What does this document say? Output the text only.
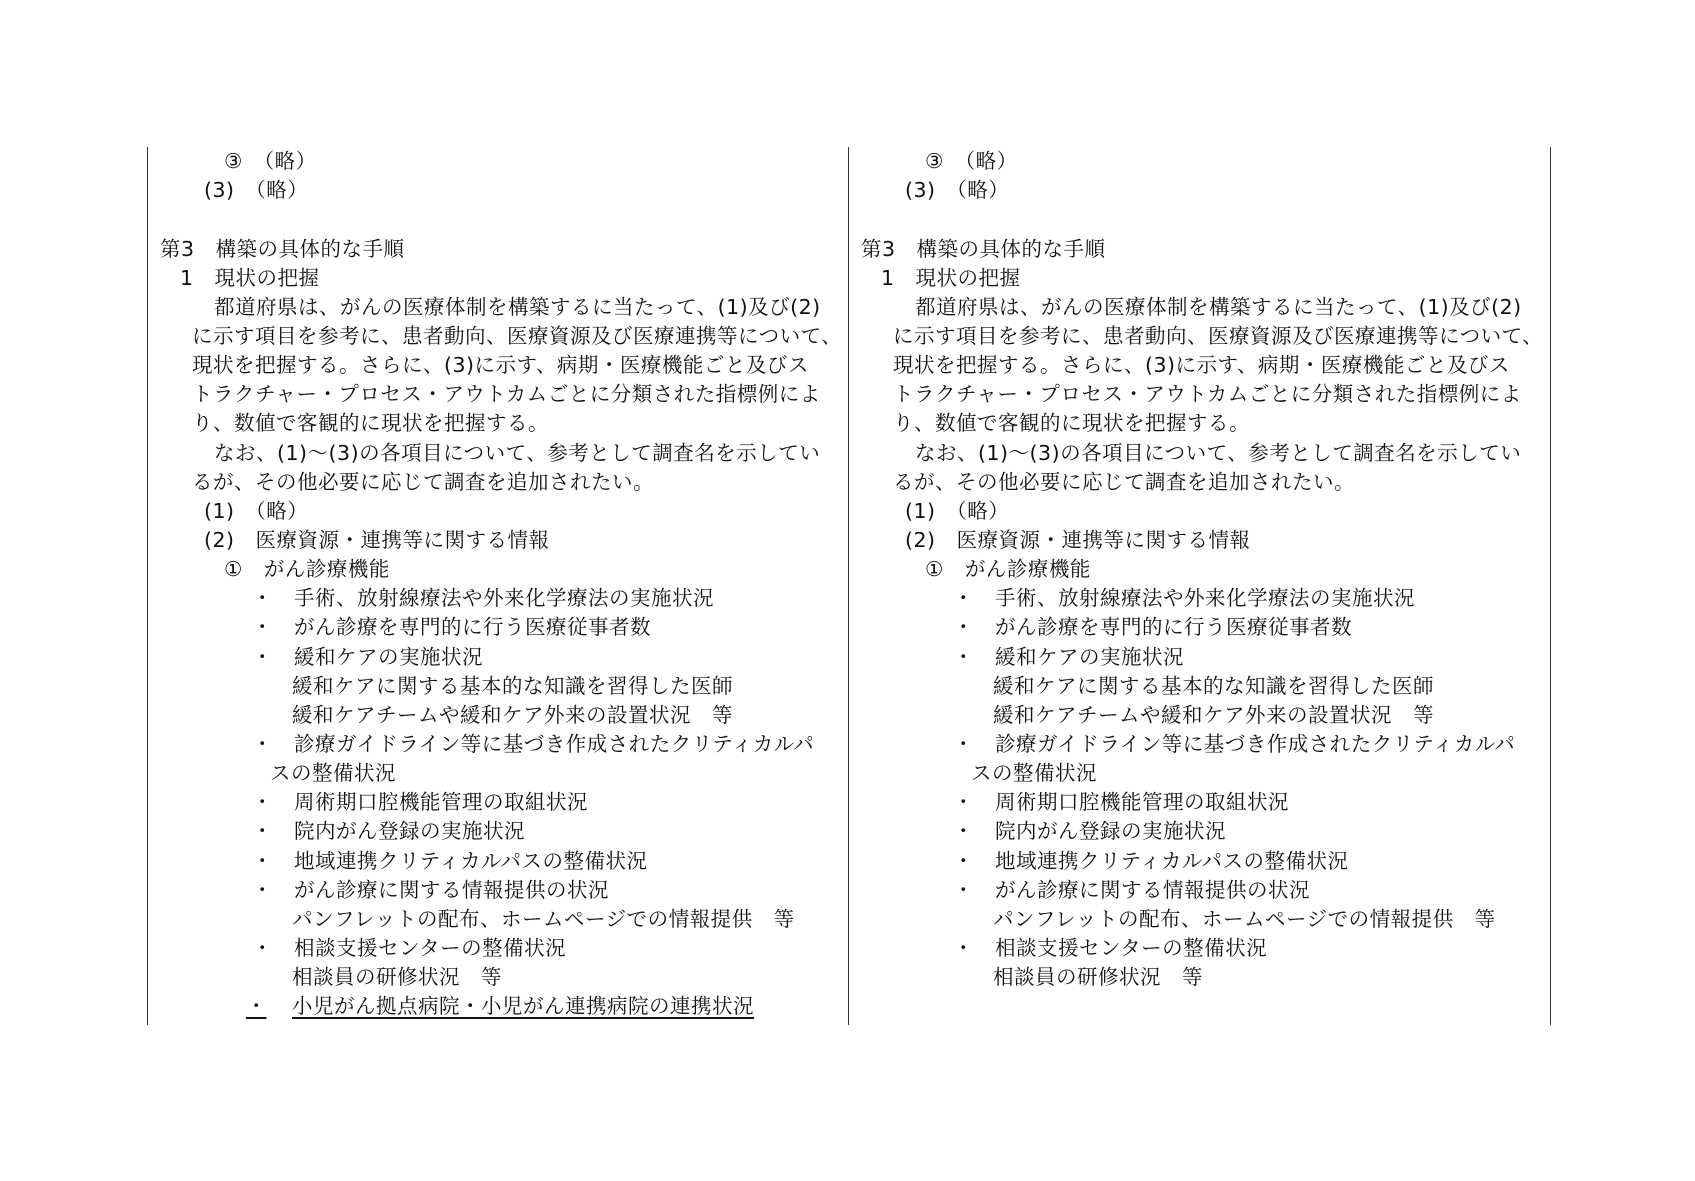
③　（略）
(3)　（略）
第3　構築の具体的な手順
1　現状の把握
都道府県は、がんの医療体制を構築するに当たって、(1)及び(2)
に示す項目を参考に、患者動向、医療資源及び医療連携等について、
現状を把握する。さらに、(3)に示す、病期・医療機能ごと及びス
トラクチャー・プロセス・アウトカムごとに分類された指標例によ
り、数値で客観的に現状を把握する。
なお、(1)～(3)の各項目について、参考として調査名を示してい
るが、その他必要に応じて調査を追加されたい。
(1)　（略）
(2)　医療資源・連携等に関する情報
①　がん診療機能
・　手術、放射線療法や外来化学療法の実施状況
・　がん診療を専門的に行う医療従事者数
・　緩和ケアの実施状況
緩和ケアに関する基本的な知識を習得した医師
緩和ケアチームや緩和ケア外来の設置状況　等
・　診療ガイドライン等に基づき作成されたクリティカルパ
スの整備状況
・　周術期口腔機能管理の取組状況
・　院内がん登録の実施状況
・　地域連携クリティカルパスの整備状況
・　がん診療に関する情報提供の状況
パンフレットの配布、ホームページでの情報提供　等
・　相談支援センターの整備状況
相談員の研修状況　等
・ 小児がん拠点病院・小児がん連携病院の連携状況
③　（略）
(3)　（略）
第3　構築の具体的な手順
1　現状の把握
都道府県は、がんの医療体制を構築するに当たって、(1)及び(2)
に示す項目を参考に、患者動向、医療資源及び医療連携等について、
現状を把握する。さらに、(3)に示す、病期・医療機能ごと及びス
トラクチャー・プロセス・アウトカムごとに分類された指標例によ
り、数値で客観的に現状を把握する。
なお、(1)～(3)の各項目について、参考として調査名を示してい
るが、その他必要に応じて調査を追加されたい。
(1)　（略）
(2)　医療資源・連携等に関する情報
①　がん診療機能
・　手術、放射線療法や外来化学療法の実施状況
・　がん診療を専門的に行う医療従事者数
・　緩和ケアの実施状況
緩和ケアに関する基本的な知識を習得した医師
緩和ケアチームや緩和ケア外来の設置状況　等
・　診療ガイドライン等に基づき作成されたクリティカルパ
スの整備状況
・　周術期口腔機能管理の取組状況
・　院内がん登録の実施状況
・　地域連携クリティカルパスの整備状況
・　がん診療に関する情報提供の状況
パンフレットの配布、ホームページでの情報提供　等
・　相談支援センターの整備状況
相談員の研修状況　等
